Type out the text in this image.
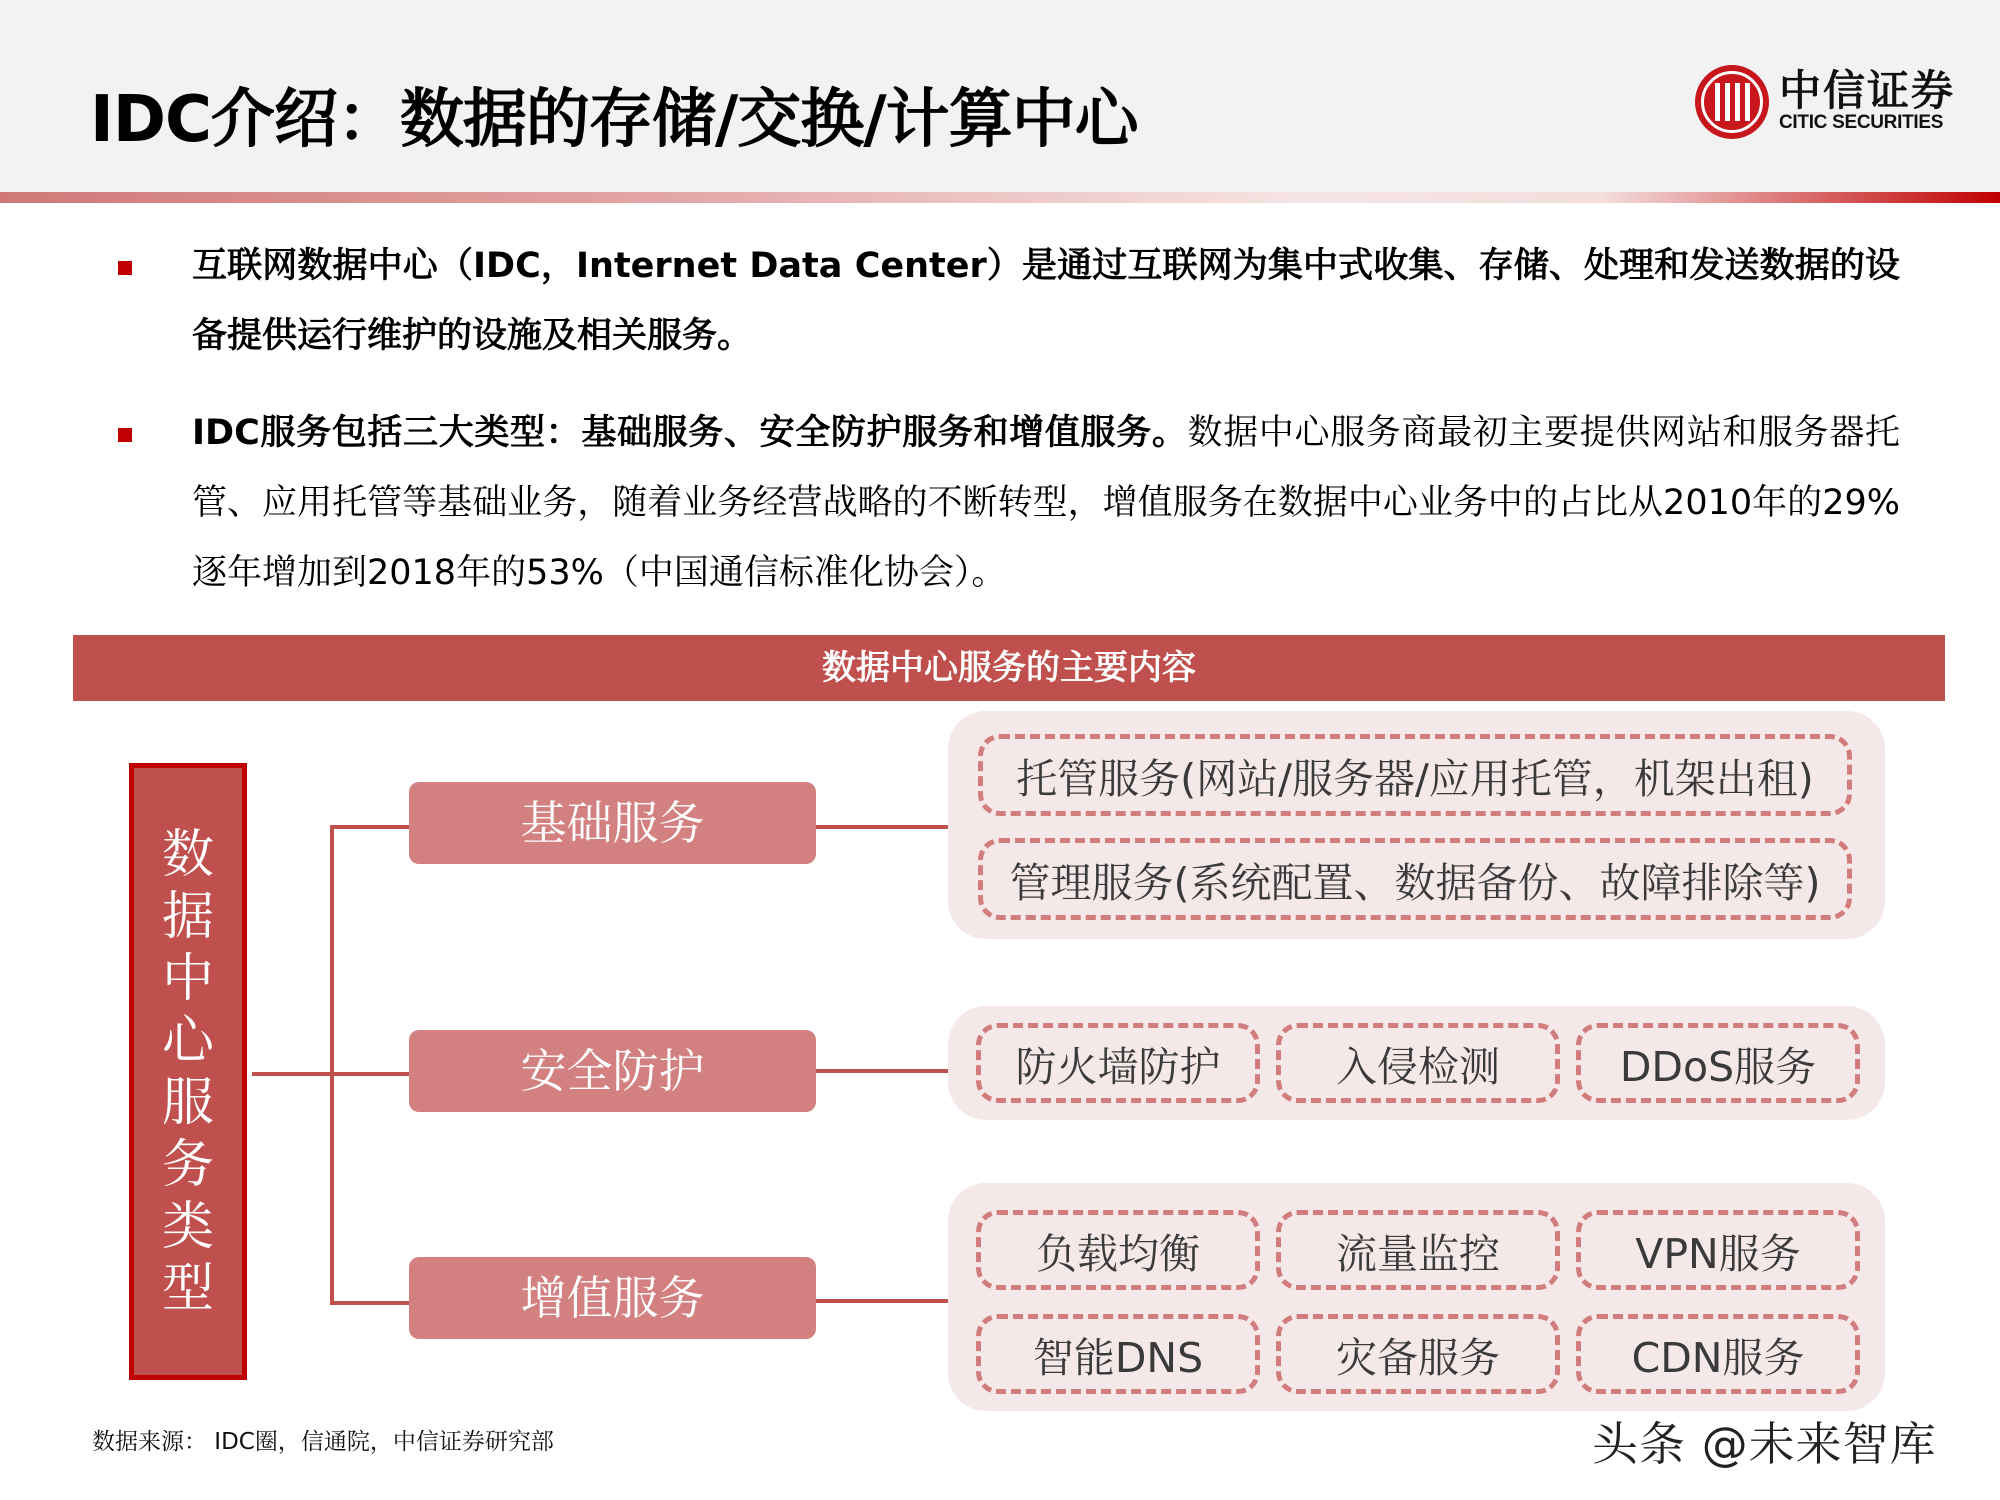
IDC介绍：数据的存储/交换/计算中心	中信证券
CITIC SECURITIES
互联网数据中心（IDC，Internet Data Center）是通过互联网为集中式收集、存储、处理和发送数据的设备提供运行维护的设施及相关服务。
IDC服务包括三大类型：基础服务、安全防护服务和增值服务。数据中心服务商最初主要提供网站和服务器托管、应用托管等基础业务，随着业务经营战略的不断转型，增值服务在数据中心业务中的占比从2010年的29%逐年增加到2018年的53%（中国通信标准化协会）。
数据中心服务的主要内容
数
据
中
心
服
务
类
型
基础服务
安全防护
增值服务
托管服务(网站/服务器/应用托管，机架出租)
管理服务(系统配置、数据备份、故障排除等)
防火墙防护	入侵检测	DDoS服务
负载均衡	流量监控	VPN服务
智能DNS	灾备服务	CDN服务
数据来源： IDC圈，信通院，中信证券研究部	头条 @未来智库
